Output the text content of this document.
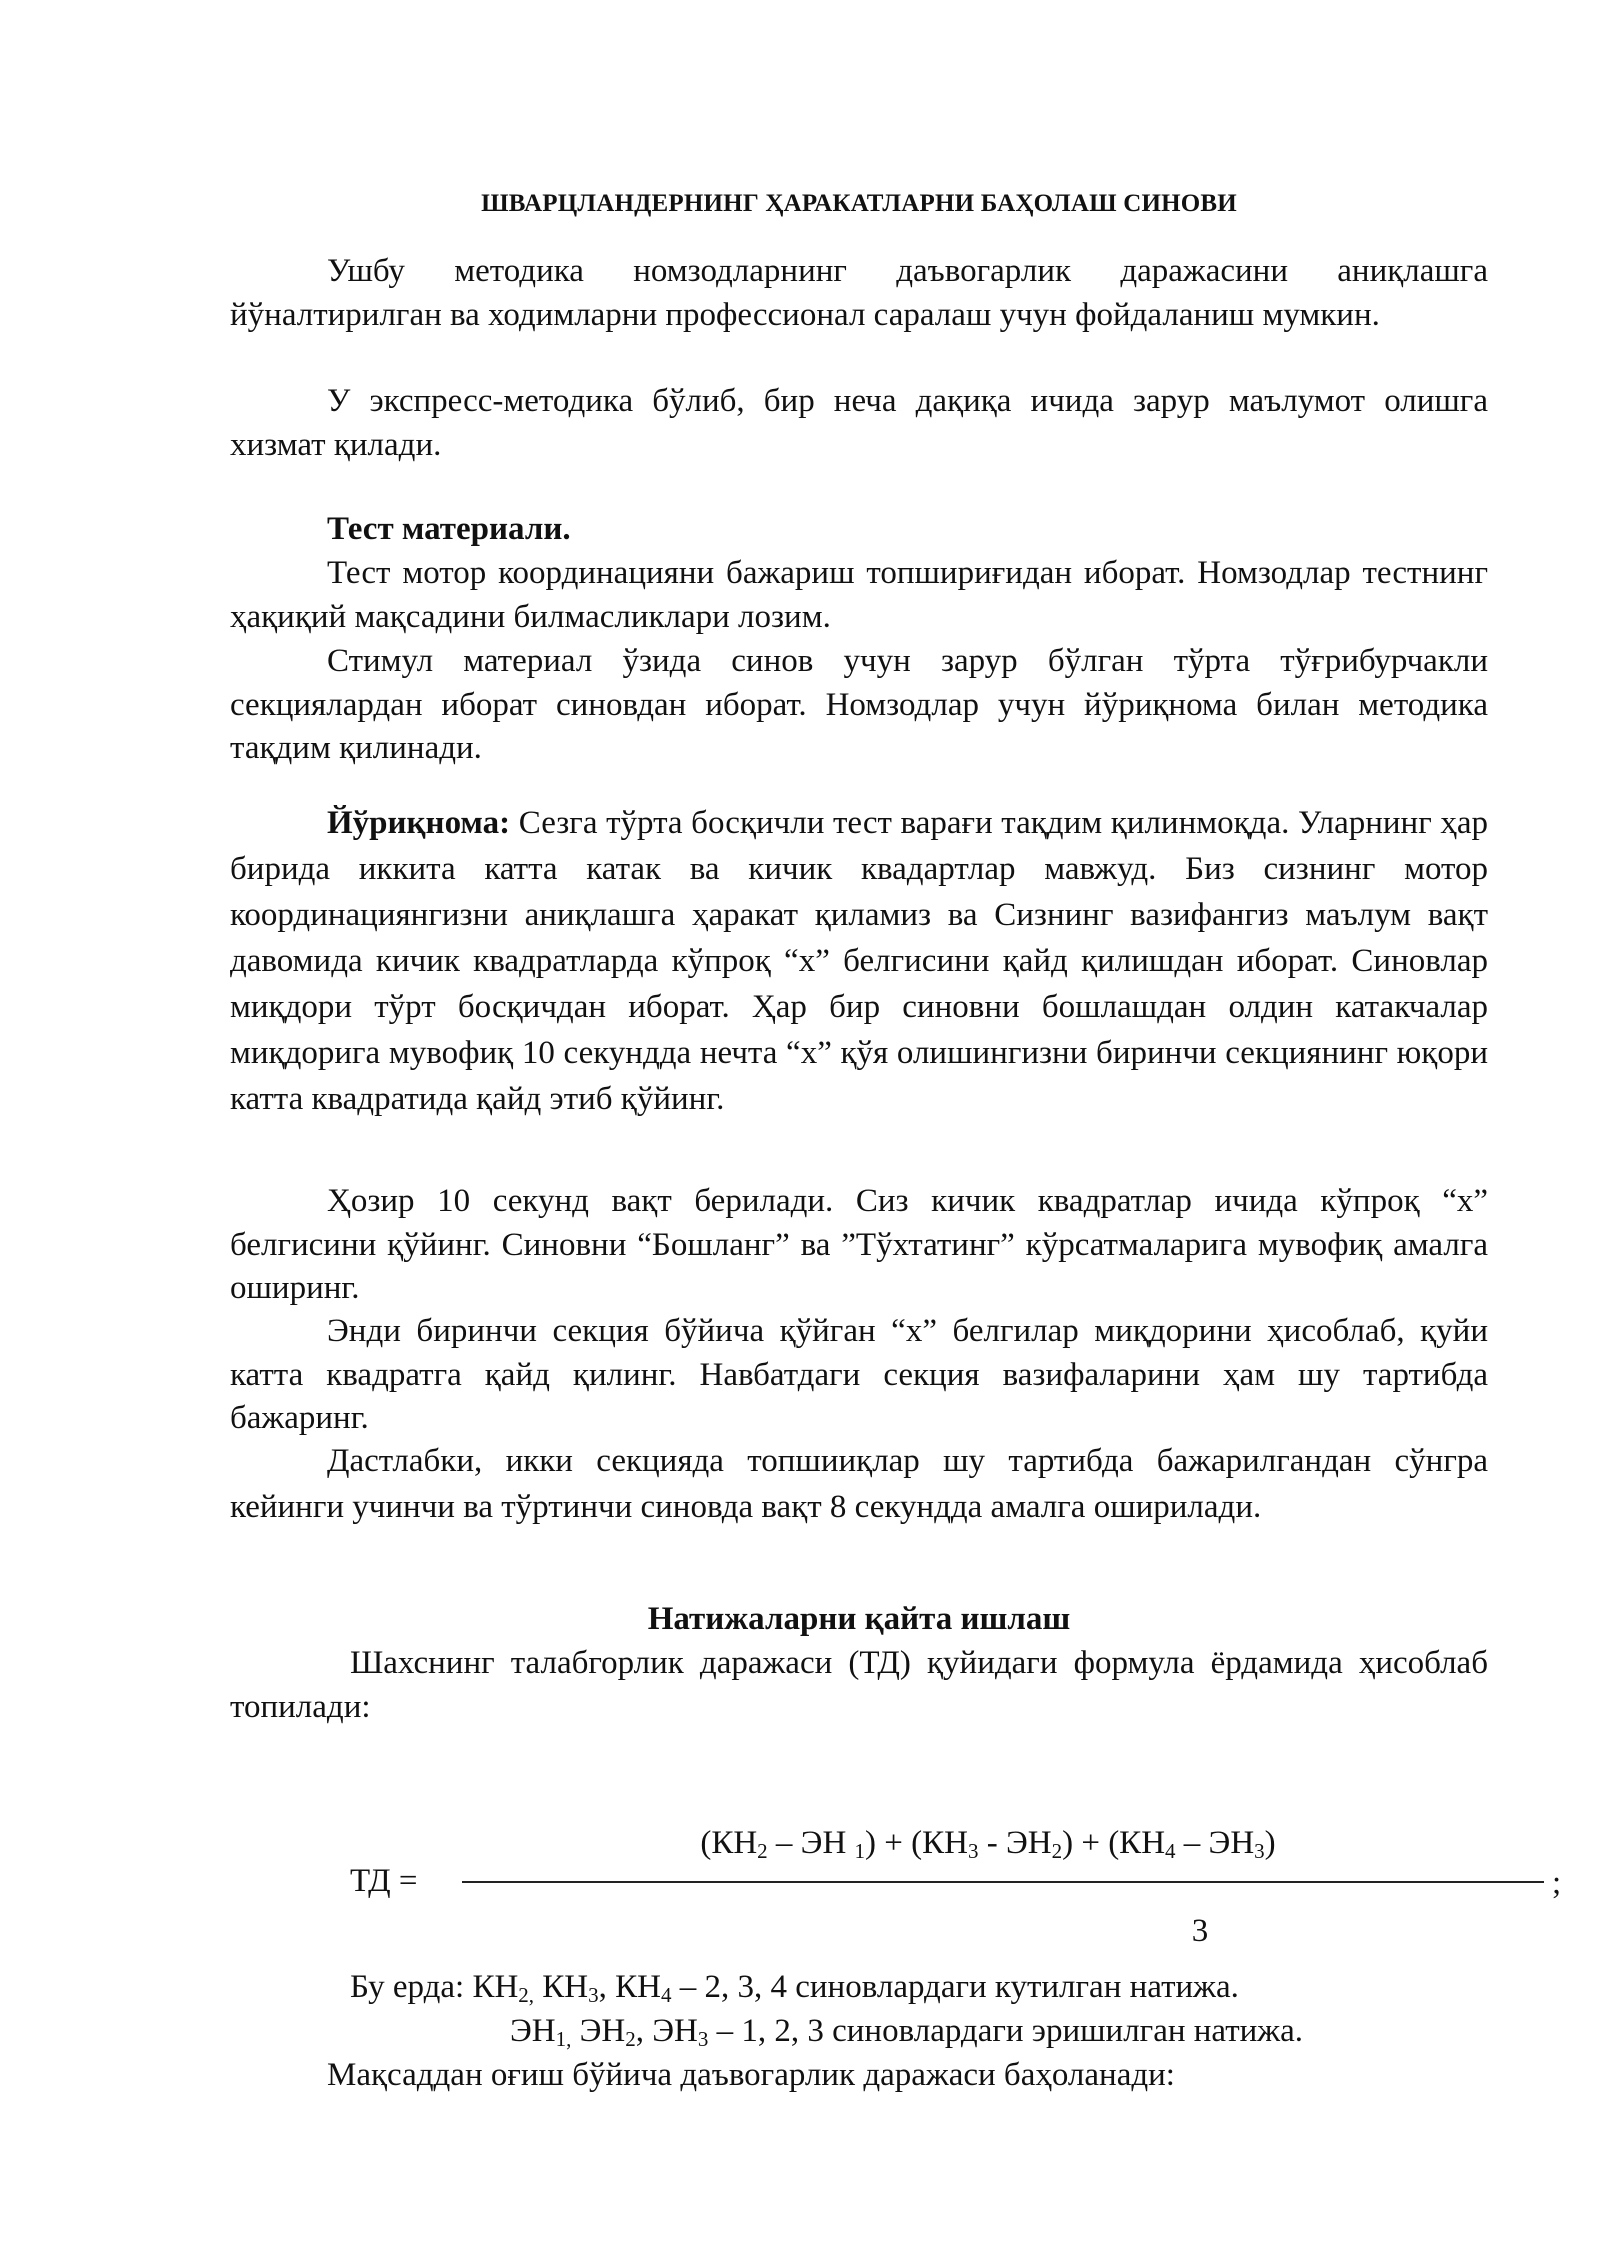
ШВАРЦЛАНДЕРНИНГ ҲАРАКАТЛАРНИ БАҲОЛАШ СИНОВИ

Ушбу методика номзодларнинг даъвогарлик даражасини аниқлашга йўналтирилган ва ходимларни профессионал саралаш учун фойдаланиш мумкин.

У экспресс-методика бўлиб, бир неча дақиқа ичида зарур маълумот олишга хизмат қилади.

Тест материали.

Тест мотор координацияни бажариш топшириғидан иборат. Номзодлар тестнинг ҳақиқий мақсадини билмасликлари лозим.

Стимул материал ўзида синов учун зарур бўлган тўрта тўғрибурчакли секциялардан иборат синовдан иборат. Номзодлар учун йўриқнома билан методика тақдим қилинади.

Йўриқнома: Сезга тўрта босқичли тест варағи тақдим қилинмоқда. Уларнинг ҳар бирида иккита катта катак ва кичик квадартлар мавжуд. Биз сизнинг мотор координациянгизни аниқлашга ҳаракат қиламиз ва Сизнинг вазифангиз маълум вақт давомида кичик квадратларда кўпроқ “х” белгисини қайд қилишдан иборат. Синовлар миқдори тўрт босқичдан иборат. Ҳар бир синовни бошлашдан олдин катакчалар миқдорига мувофиқ 10 секундда нечта “х” қўя олишингизни биринчи секциянинг юқори катта квадратида қайд этиб қўйинг.

Ҳозир 10 секунд вақт берилади. Сиз кичик квадратлар ичида кўпроқ “х” белгисини қўйинг. Синовни “Бошланг” ва ”Тўхтатинг” кўрсатмаларига мувофиқ амалга оширинг.

Энди биринчи секция бўйича қўйган “х” белгилар миқдорини ҳисоблаб, қуйи катта квадратга қайд қилинг. Навбатдаги секция вазифаларини ҳам шу тартибда бажаринг.

Дастлабки, икки секцияда топшииқлар шу тартибда бажарилгандан сўнгра кейинги учинчи ва тўртинчи синовда вақт 8 секундда амалга оширилади.

Натижаларни қайта ишлаш

Шахснинг талабгорлик даражаси (ТД) қуйидаги формула ёрдамида ҳисоблаб топилади:

($КН_2$ – ЭН $_1) + (КН_3 - ЭН_2) + (КН_4 - ЭН_3)$
ТД =	;
3
Бу ерда: $КН_{2,}$ $КН_3$, $КН_4 - 2$, 3, 4 синовлардаги кутилган натижа.
$ЭН_{1,}$ $ЭН_2$, $ЭН_3 - 1$, 2, 3 синовлардаги эришилган натижа.
Мақсаддан оғиш бўйича даъвогарлик даражаси баҳоланади:
